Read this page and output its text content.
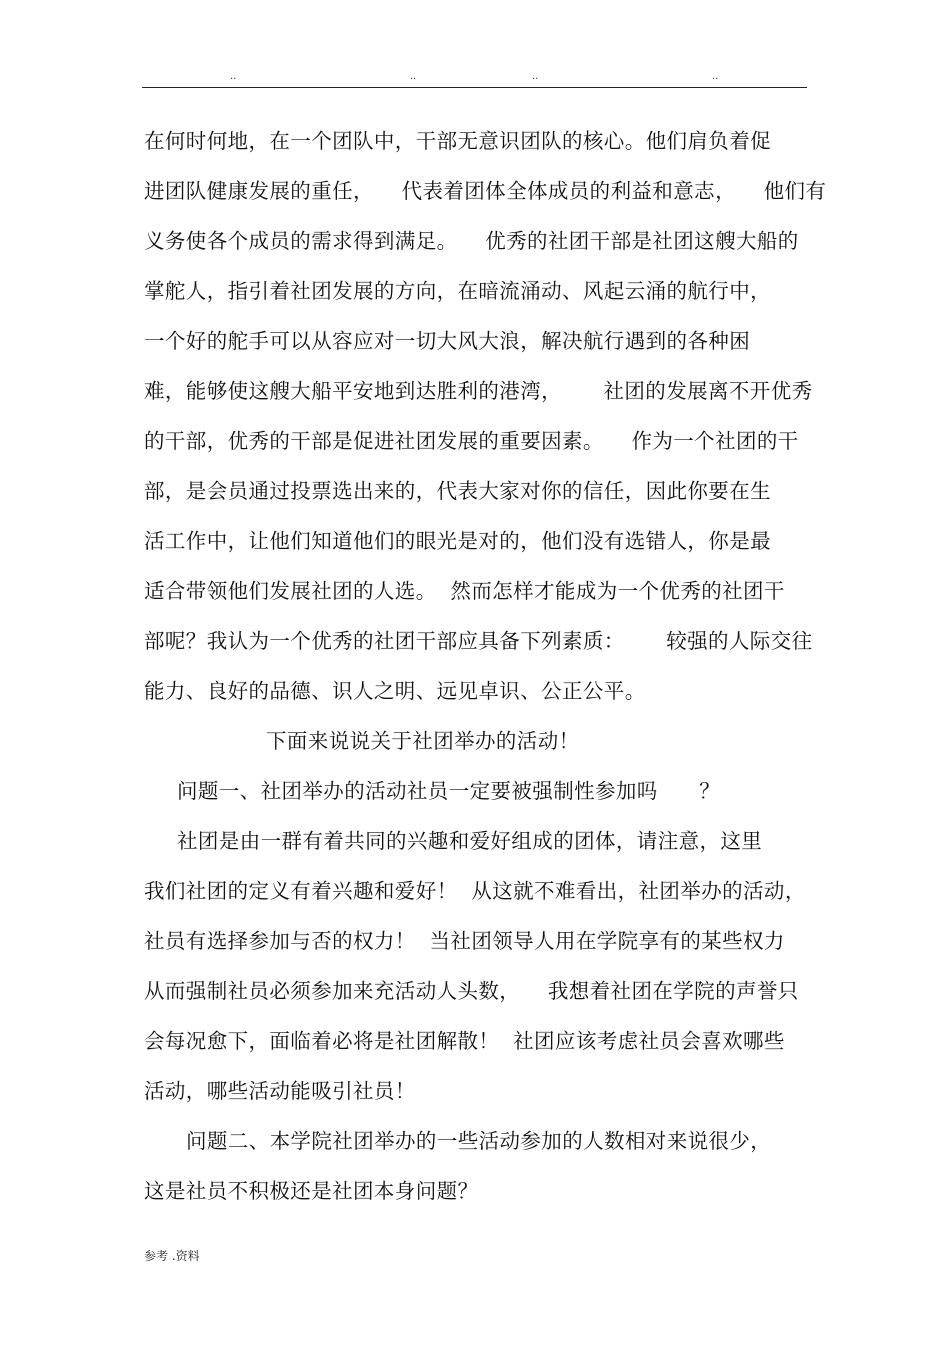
..	..	..	..
在何时何地，在一个团队中，干部无意识团队的核心。他们肩负着促
进团队健康发展的重任，    代表着团体全体成员的利益和意志，    他们有
义务使各个成员的需求得到满足。    优秀的社团干部是社团这艘大船的
掌舵人，指引着社团发展的方向，在暗流涌动、风起云涌的航行中，
一个好的舵手可以从容应对一切大风大浪，解决航行遇到的各种困
难，能够使这艘大船平安地到达胜利的港湾，      社团的发展离不开优秀
的干部，优秀的干部是促进社团发展的重要因素。    作为一个社团的干
部，是会员通过投票选出来的，代表大家对你的信任，因此你要在生
活工作中，让他们知道他们的眼光是对的，他们没有选错人，你是最
适合带领他们发展社团的人选。  然而怎样才能成为一个优秀的社团干
部呢？我认为一个优秀的社团干部应具备下列素质：      较强的人际交往
能力、良好的品德、识人之明、远见卓识、公正公平。
下面来说说关于社团举办的活动！
问题一、社团举办的活动社员一定要被强制性参加吗      ？
社团是由一群有着共同的兴趣和爱好组成的团体，请注意，这里
我们社团的定义有着兴趣和爱好！  从这就不难看出，社团举办的活动，
社员有选择参加与否的权力！  当社团领导人用在学院享有的某些权力
从而强制社员必须参加来充活动人头数，    我想着社团在学院的声誉只
会每况愈下，面临着必将是社团解散！  社团应该考虑社员会喜欢哪些
活动，哪些活动能吸引社员！
问题二、本学院社团举办的一些活动参加的人数相对来说很少，
这是社员不积极还是社团本身问题？
参考 .资料
